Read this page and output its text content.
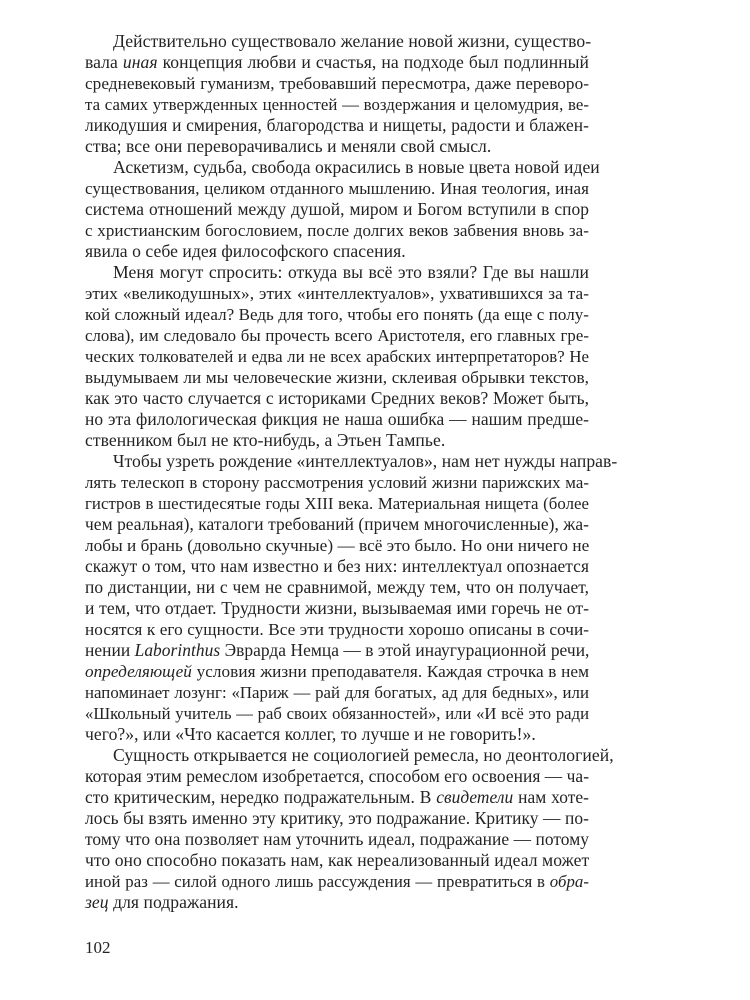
Действительно существовало желание новой жизни, существо-
вала иная концепция любви и счастья, на подходе был подлинный
средневековый гуманизм, требовавший пересмотра, даже переворо-
та самих утвержденных ценностей — воздержания и целомудрия, ве-
ликодушия и смирения, благородства и нищеты, радости и блажен-
ства; все они переворачивались и меняли свой смысл.
Аскетизм, судьба, свобода окрасились в новые цвета новой идеи
существования, целиком отданного мышлению. Иная теология, иная
система отношений между душой, миром и Богом вступили в спор
с христианским богословием, после долгих веков забвения вновь за-
явила о себе идея философского спасения.
Меня могут спросить: откуда вы всё это взяли? Где вы нашли
этих «великодушных», этих «интеллектуалов», ухватившихся за та-
кой сложный идеал? Ведь для того, чтобы его понять (да еще с полу-
слова), им следовало бы прочесть всего Аристотеля, его главных гре-
ческих толкователей и едва ли не всех арабских интерпретаторов? Не
выдумываем ли мы человеческие жизни, склеивая обрывки текстов,
как это часто случается с историками Средних веков? Может быть,
но эта филологическая фикция не наша ошибка — нашим предше-
ственником был не кто-нибудь, а Этьен Тампье.
Чтобы узреть рождение «интеллектуалов», нам нет нужды направ-
лять телескоп в сторону рассмотрения условий жизни парижских ма-
гистров в шестидесятые годы XIII века. Материальная нищета (более
чем реальная), каталоги требований (причем многочисленные), жа-
лобы и брань (довольно скучные) — всё это было. Но они ничего не
скажут о том, что нам известно и без них: интеллектуал опознается
по дистанции, ни с чем не сравнимой, между тем, что он получает,
и тем, что отдает. Трудности жизни, вызываемая ими горечь не от-
носятся к его сущности. Все эти трудности хорошо описаны в сочи-
нении Laborinthus Эврарда Немца — в этой инаугурационной речи,
определяющей условия жизни преподавателя. Каждая строчка в нем
напоминает лозунг: «Париж — рай для богатых, ад для бедных», или
«Школьный учитель — раб своих обязанностей», или «И всё это ради
чего?», или «Что касается коллег, то лучше и не говорить!».
Сущность открывается не социологией ремесла, но деонтологией,
которая этим ремеслом изобретается, способом его освоения — ча-
сто критическим, нередко подражательным. В свидетели нам хоте-
лось бы взять именно эту критику, это подражание. Критику — по-
тому что она позволяет нам уточнить идеал, подражание — потому
что оно способно показать нам, как нереализованный идеал может
иной раз — силой одного лишь рассуждения — превратиться в обра-
зец для подражания.
102
